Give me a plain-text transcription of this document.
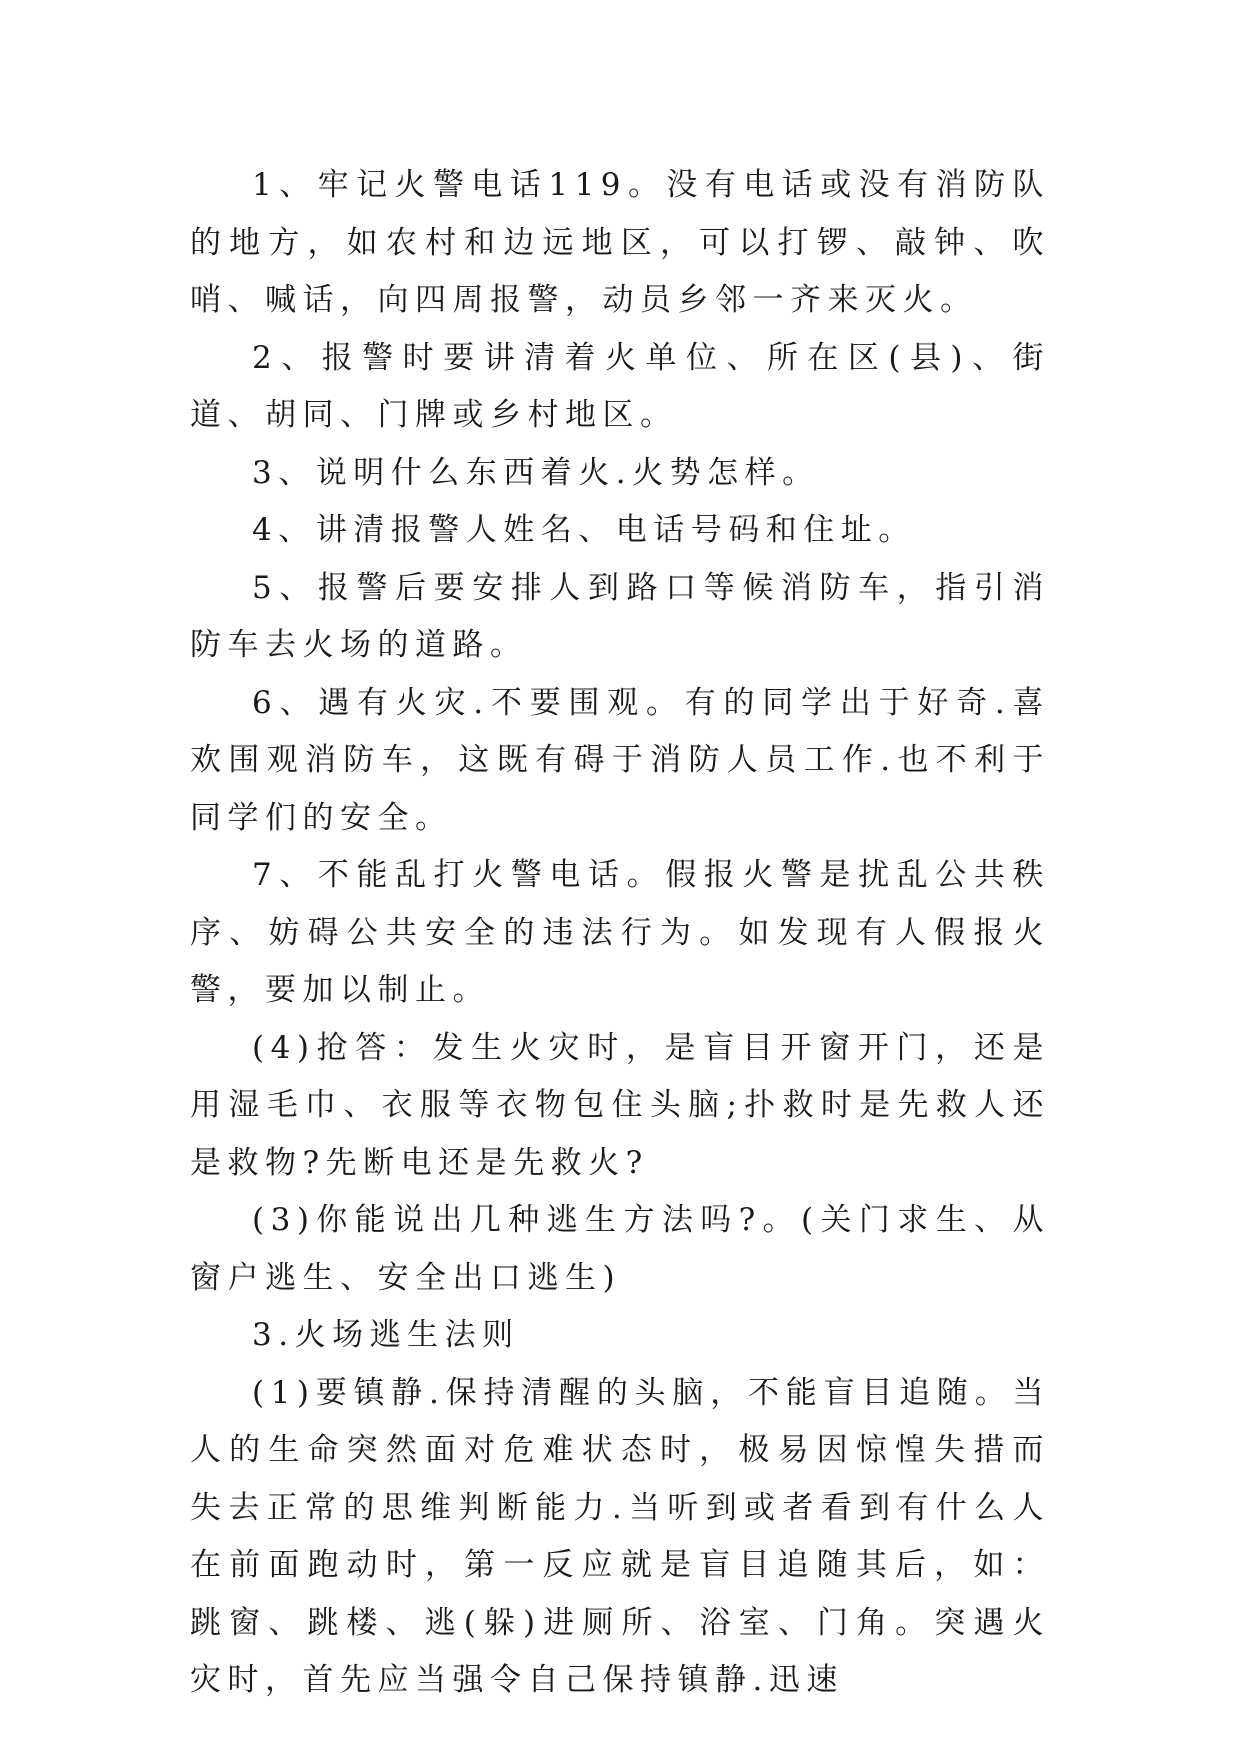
1、牢记火警电话119。没有电话或没有消防队的地方，如农村和边远地区，可以打锣、敲钟、吹哨、喊话，向四周报警，动员乡邻一齐来灭火。

2、报警时要讲清着火单位、所在区(县)、街道、胡同、门牌或乡村地区。

3、说明什么东西着火.火势怎样。

4、讲清报警人姓名、电话号码和住址。

5、报警后要安排人到路口等候消防车，指引消防车去火场的道路。

6、遇有火灾.不要围观。有的同学出于好奇.喜欢围观消防车，这既有碍于消防人员工作.也不利于同学们的安全。

7、不能乱打火警电话。假报火警是扰乱公共秩序、妨碍公共安全的违法行为。如发现有人假报火警，要加以制止。

(4)抢答：发生火灾时，是盲目开窗开门，还是用湿毛巾、衣服等衣物包住头脑;扑救时是先救人还是救物?先断电还是先救火?

(3)你能说出几种逃生方法吗?。(关门求生、从窗户逃生、安全出口逃生)

3.火场逃生法则

(1)要镇静.保持清醒的头脑，不能盲目追随。当人的生命突然面对危难状态时，极易因惊惶失措而失去正常的思维判断能力.当听到或者看到有什么人在前面跑动时，第一反应就是盲目追随其后，如：跳窗、跳楼、逃(躲)进厕所、浴室、门角。突遇火灾时，首先应当强令自己保持镇静.迅速
